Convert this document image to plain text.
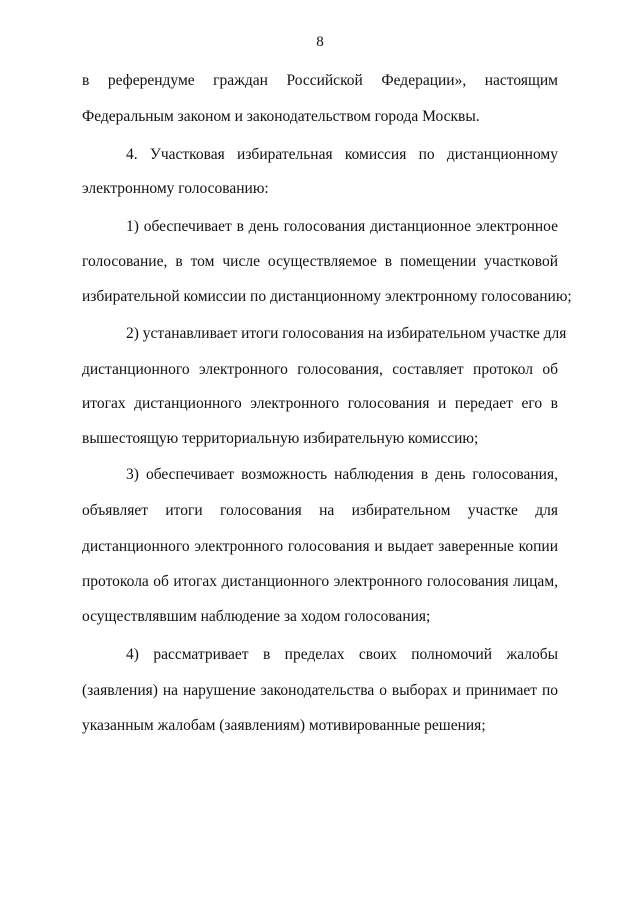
8
в референдуме граждан Российской Федерации», настоящим
Федеральным законом и законодательством города Москвы.
4. Участковая избирательная комиссия по дистанционному
электронному голосованию:
1) обеспечивает в день голосования дистанционное электронное
голосование, в том числе осуществляемое в помещении участковой
избирательной комиссии по дистанционному электронному голосованию;
2) устанавливает итоги голосования на избирательном участке для
дистанционного электронного голосования, составляет протокол об
итогах дистанционного электронного голосования и передает его в
вышестоящую территориальную избирательную комиссию;
3) обеспечивает возможность наблюдения в день голосования,
объявляет итоги голосования на избирательном участке для
дистанционного электронного голосования и выдает заверенные копии
протокола об итогах дистанционного электронного голосования лицам,
осуществлявшим наблюдение за ходом голосования;
4) рассматривает в пределах своих полномочий жалобы
(заявления) на нарушение законодательства о выборах и принимает по
указанным жалобам (заявлениям) мотивированные решения;
